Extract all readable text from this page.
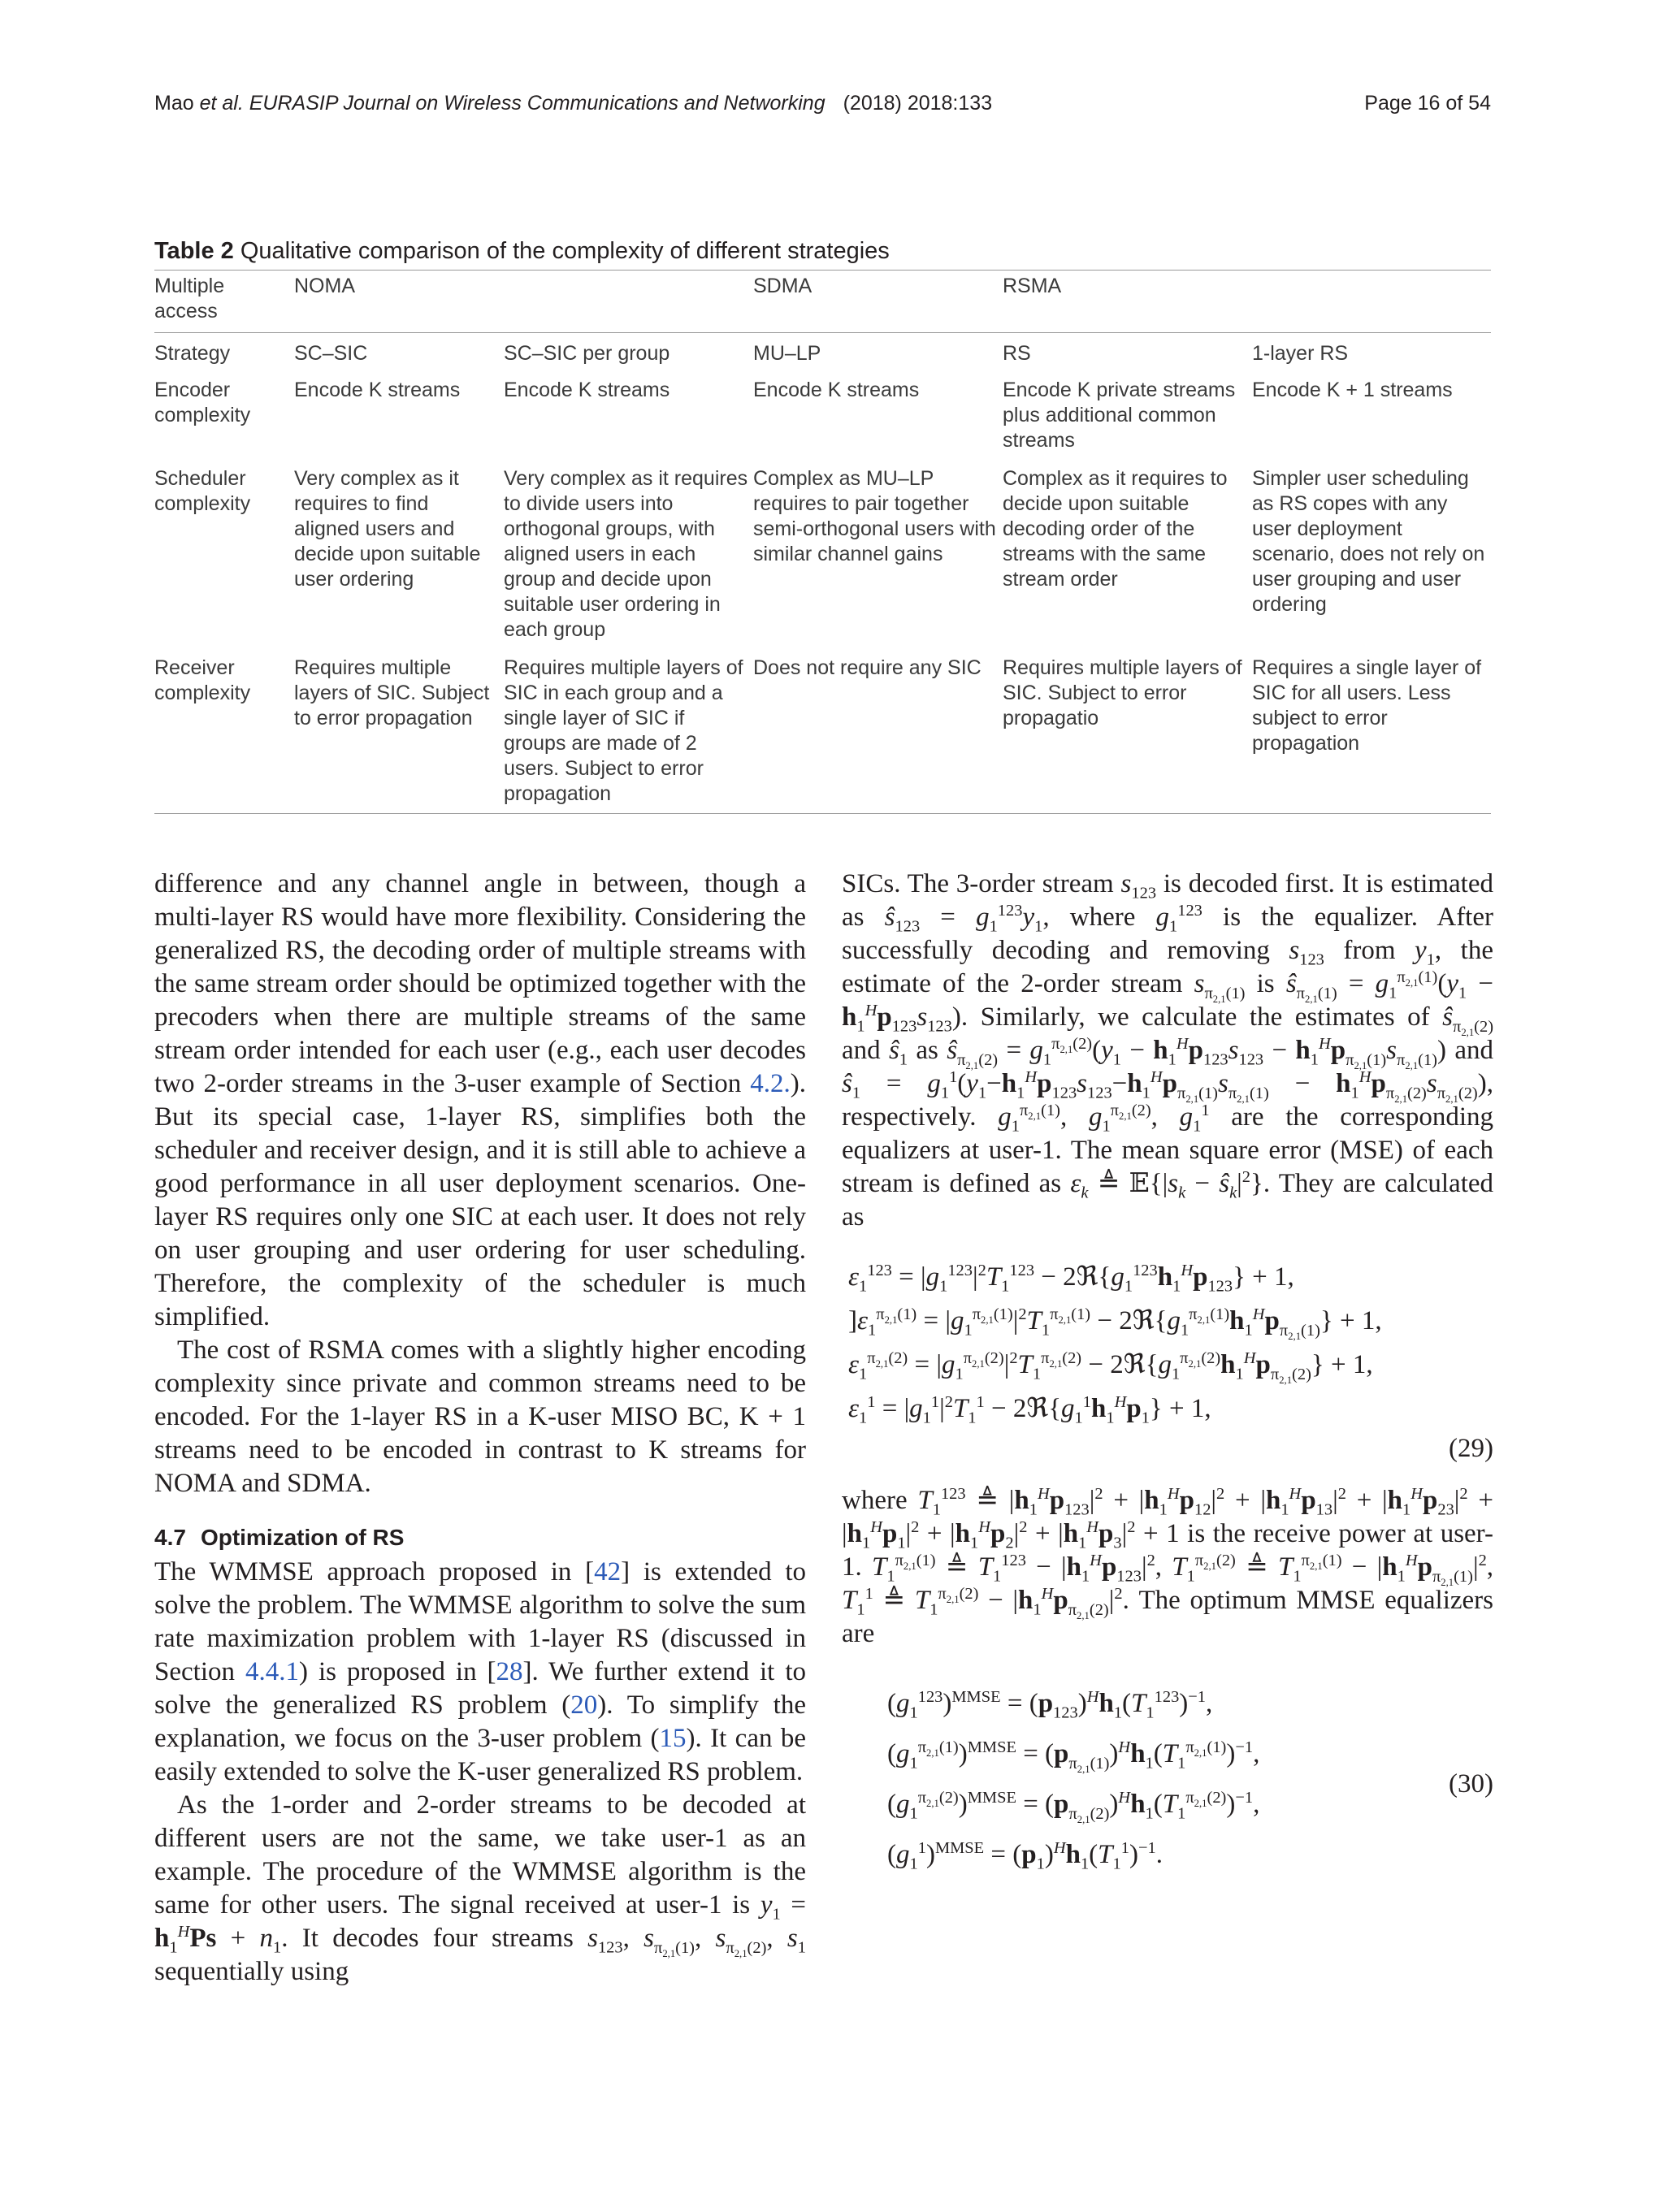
Mao et al. EURASIP Journal on Wireless Communications and Networking (2018) 2018:133	Page 16 of 54
Table 2 Qualitative comparison of the complexity of different strategies
Multiple access	NOMA		SDMA	RSMA	
Strategy	SC–SIC	SC–SIC per group	MU–LP	RS	1-layer RS
Encoder complexity	Encode K streams	Encode K streams	Encode K streams	Encode K private streams plus additional common streams	Encode K + 1 streams
Scheduler complexity	Very complex as it requires to find aligned users and decide upon suitable user ordering	Very complex as it requires to divide users into orthogonal groups, with aligned users in each group and decide upon suitable user ordering in each group	Complex as MU–LP requires to pair together semi-orthogonal users with similar channel gains	Complex as it requires to decide upon suitable decoding order of the streams with the same stream order	Simpler user scheduling as RS copes with any user deployment scenario, does not rely on user grouping and user ordering
Receiver complexity	Requires multiple layers of SIC. Subject to error propagation	Requires multiple layers of SIC in each group and a single layer of SIC if groups are made of 2 users. Subject to error propagation	Does not require any SIC	Requires multiple layers of SIC. Subject to error propagatio	Requires a single layer of SIC for all users. Less subject to error propagation

difference and any channel angle in between, though a multi-layer RS would have more flexibility. Considering the generalized RS, the decoding order of multiple streams with the same stream order should be optimized together with the precoders when there are multiple streams of the same stream order intended for each user (e.g., each user decodes two 2-order streams in the 3-user example of Section 4.2.). But its special case, 1-layer RS, simplifies both the scheduler and receiver design, and it is still able to achieve a good performance in all user deployment scenarios. One-layer RS requires only one SIC at each user. It does not rely on user grouping and user ordering for user scheduling. Therefore, the complexity of the scheduler is much simplified.

The cost of RSMA comes with a slightly higher encoding complexity since private and common streams need to be encoded. For the 1-layer RS in a K-user MISO BC, K + 1 streams need to be encoded in contrast to K streams for NOMA and SDMA.

4.7 Optimization of RS

The WMMSE approach proposed in [42] is extended to solve the problem. The WMMSE algorithm to solve the sum rate maximization problem with 1-layer RS (discussed in Section 4.4.1) is proposed in [28]. We further extend it to solve the generalized RS problem (20). To simplify the explanation, we focus on the 3-user problem (15). It can be easily extended to solve the K-user generalized RS problem.

As the 1-order and 2-order streams to be decoded at different users are not the same, we take user-1 as an example. The procedure of the WMMSE algorithm is the same for other users. The signal received at user-1 is $y_1 = h_1^HPs + n_1$. It decodes four streams $s_{123}$, $s_{\pi_{2,1}(1)}$, $s_{\pi_{2,1}(2)}$, $s_1$ sequentially using

SICs. The 3-order stream $s_{123}$ is decoded first. It is estimated as $ŝ_{123} = g_1^{123}y_1$, where $g_1^{123}$ is the equalizer. After successfully decoding and removing $s_{123}$ from $y_1$, the estimate of the 2-order stream $s_{\pi_{2,1}(1)}$ is $ŝ_{\pi_{2,1}(1)} = g_1^{\pi_{2,1}(1)}(y_1 - h_1^Hp_{123}s_{123})$. Similarly, we calculate the estimates of $ŝ_{\pi_{2,1}(2)}$ and $ŝ_1$ as $ŝ_{\pi_{2,1}(2)} = g_1^{\pi_{2,1}(2)}(y_1 - h_1^Hp_{123}s_{123} - h_1^Hp_{\pi_{2,1}(1)}s_{\pi_{2,1}(1)})$ and $ŝ_1 = g_1^1(y_1-h_1^Hp_{123}s_{123}-h_1^Hp_{\pi_{2,1}(1)}s_{\pi_{2,1}(1)} - h_1^Hp_{\pi_{2,1}(2)}s_{\pi_{2,1}(2)})$, respectively. $g_1^{\pi_{2,1}(1)}$, $g_1^{\pi_{2,1}(2)}$, $g_1^1$ are the corresponding equalizers at user-1. The mean square error (MSE) of each stream is defined as $\varepsilon_k$ ≜ $𝔼\{|s_k$ − $ŝ_k|^2$}. They are calculated as

$\varepsilon_1^{123} = |g_1^{123}|^2T_1^{123}$ − $2ℜ\{g_1^{123}h_1^Hp_{123}\} + 1$,
]$\varepsilon_1^{\pi_{2,1}(1)} = |g_1^{\pi_{2,1}(1)}|^2T_1^{\pi_{2,1}(1)}$ − $2ℜ\{g_1^{\pi_{2,1}(1)}h_1^Hp_{\pi_{2,1}(1)}\} + 1$,
$\varepsilon_1^{\pi_{2,1}(2)} = |g_1^{\pi_{2,1}(2)}|^2T_1^{\pi_{2,1}(2)}$ − $2ℜ\{g_1^{\pi_{2,1}(2)}h_1^Hp_{\pi_{2,1}(2)}\} + 1$,
$\varepsilon_1^1 = |g_1^1|^2T_1^1$ − $2ℜ\{g_1^1h_1^Hp_1\} + 1$,
(29)

where $T_1^{123}$ ≜ $|h_1^Hp_{123}|^2 + |h_1^Hp_{12}|^2 + |h_1^Hp_{13}|^2 + |h_1^Hp_{23}|^2 + |h_1^Hp_1|^2 + |h_1^Hp_2|^2 + |h_1^Hp_3|^2 + 1$ is the receive power at user-1. $T_1^{\pi_{2,1}(1)}$ ≜ $T_1^{123} - |h_1^Hp_{123}|^2$, $T_1^{\pi_{2,1}(2)}$ ≜ $T_1^{\pi_{2,1}(1)} - |h_1^Hp_{\pi_{2,1}(1)}|^2$, $T_1^1$ ≜ $T_1^{\pi_{2,1}(2)} - |h_1^Hp_{\pi_{2,1}(2)}|^2$. The optimum MMSE equalizers are

$(g_1^{123})^{MMSE} = (p_{123})^Hh_1(T_1^{123})^{-1}$,
$(g_1^{\pi_{2,1}(1)})^{MMSE} = (p_{\pi_{2,1}(1)})^Hh_1(T_1^{\pi_{2,1}(1)})^{-1}$,
$(g_1^{\pi_{2,1}(2)})^{MMSE} = (p_{\pi_{2,1}(2)})^Hh_1(T_1^{\pi_{2,1}(2)})^{-1}$,
$(g_1^1)^{MMSE} = (p_1)^Hh_1(T_1^1)^{-1}$.
(30)
